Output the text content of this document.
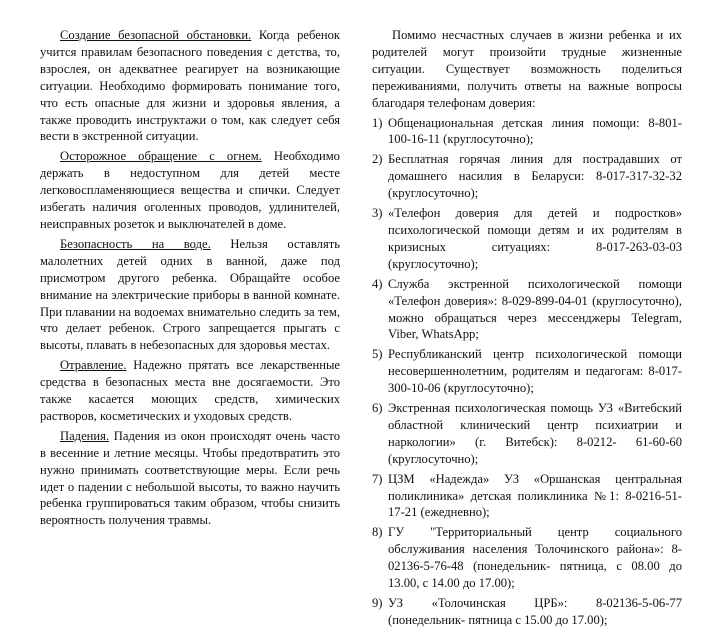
Создание безопасной обстановки. Когда ребенок учится правилам безопасного поведения с детства, то, взрослея, он адекватнее реагирует на возникающие ситуации. Необходимо формировать понимание того, что есть опасные для жизни и здоровья явления, а также проводить инструктажи о том, как следует себя вести в экстренной ситуации.

Осторожное обращение с огнем. Необходимо держать в недоступном для детей месте легковоспламеняющиеся вещества и спички. Следует избегать наличия оголенных проводов, удлинителей, неисправных розеток и выключателей в доме.

Безопасность на воде. Нельзя оставлять малолетних детей одних в ванной, даже под присмотром другого ребенка. Обращайте особое внимание на электрические приборы в ванной комнате. При плавании на водоемах внимательно следить за тем, что делает ребенок. Строго запрещается прыгать с высоты, плавать в небезопасных для здоровья местах.

Отравление. Надежно прятать все лекарственные средства в безопасных места вне досягаемости. Это также касается моющих средств, химических растворов, косметических и уходовых средств.

Падения. Падения из окон происходят очень часто в весенние и летние месяцы. Чтобы предотвратить это нужно принимать соответствующие меры. Если речь идет о падении с небольшой высоты, то важно научить ребенка группироваться таким образом, чтобы снизить вероятность получения травмы.

Помимо несчастных случаев в жизни ребенка и их родителей могут произойти трудные жизненные ситуации. Существует возможность поделиться переживаниями, получить ответы на важные вопросы благодаря телефонам доверия:

1) Общенациональная детская линия помощи: 8-801-100-16-11 (круглосуточно);
2) Бесплатная горячая линия для пострадавших от домашнего насилия в Беларуси: 8-017-317-32-32 (круглосуточно);
3) «Телефон доверия для детей и подростков» психологической помощи детям и их родителям в кризисных ситуациях: 8-017-263-03-03 (круглосуточно);
4) Служба экстренной психологической помощи «Телефон доверия»: 8-029-899-04-01 (круглосуточно), можно обращаться через мессенджеры Telegram, Viber, WhatsApp;
5) Республиканский центр психологической помощи несовершеннолетним, родителям и педагогам: 8-017-300-10-06 (круглосуточно);
6) Экстренная психологическая помощь УЗ «Витебский областной клинический центр психиатрии и наркологии» (г. Витебск): 8-0212- 61-60-60 (круглосуточно);
7) ЦЗМ «Надежда» УЗ «Оршанская центральная поликлиника» детская поликлиника №1: 8-0216-51-17-21 (ежедневно);
8) ГУ "Территориальный центр социального обслуживания населения Толочинского района»: 8-02136-5-76-48 (понедельник- пятница, с 08.00 до 13.00, с 14.00 до 17.00);
9) УЗ «Толочинская ЦРБ»: 8-02136-5-06-77 (понедельник- пятница с 15.00 до 17.00);
